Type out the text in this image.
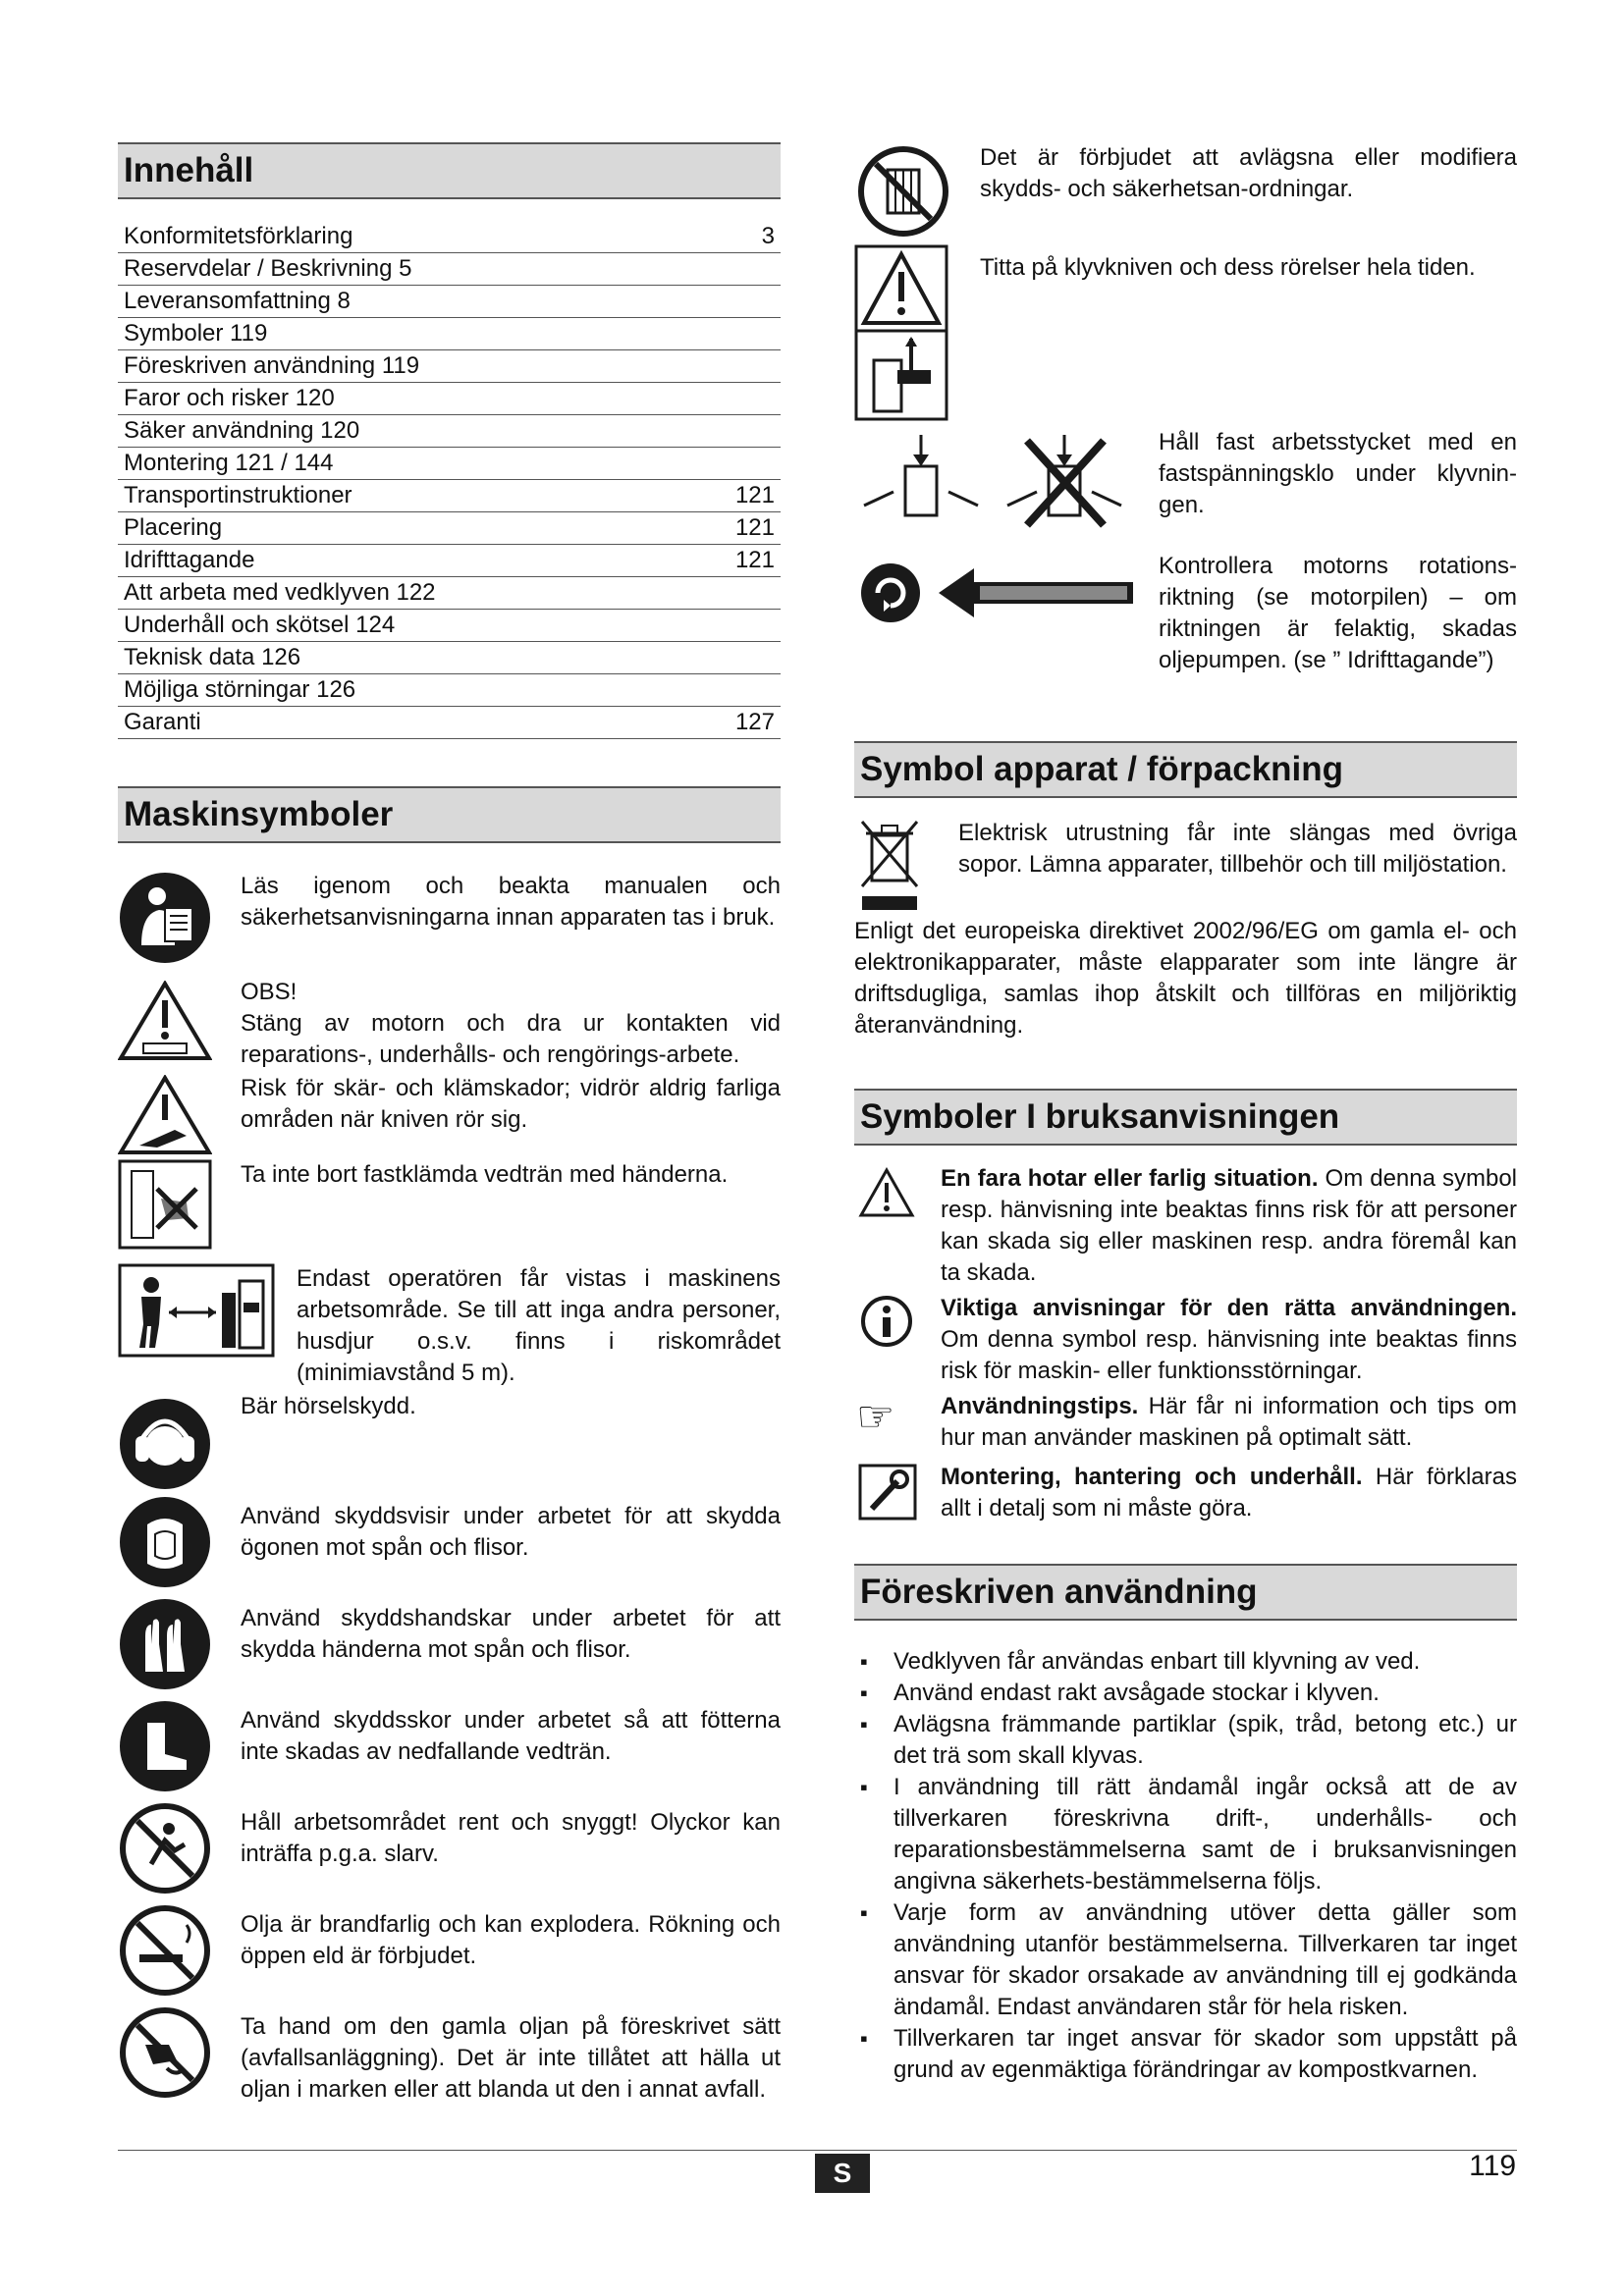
Innehåll
Konformitetsförklaring	3
Reservdelar / Beskrivning 5
Leveransomfattning 8
Symboler 119
Föreskriven användning 119
Faror och risker 120
Säker användning 120
Montering 121 / 144
Transportinstruktioner	121
Placering	121
Idrifttagande	121
Att arbeta med vedklyven 122
Underhåll och skötsel 124
Teknisk data 126
Möjliga störningar 126
Garanti	127
Maskinsymboler
Läs igenom och beakta manualen och säkerhetsanvisningarna innan apparaten tas i bruk.
OBS!
Stäng av motorn och dra ur kontakten vid reparations-, underhålls- och rengörings-arbete.
Risk för skär- och klämskador; vidrör aldrig farliga områden när kniven rör sig.
Ta inte bort fastklämda vedträn med händerna.
Endast operatören får vistas i maskinens arbetsområde. Se till att inga andra personer, husdjur o.s.v. finns i riskområdet (minimiavstånd 5 m).
Bär hörselskydd.
Använd skyddsvisir under arbetet för att skydda ögonen mot spån och flisor.
Använd skyddshandskar under arbetet för att skydda händerna mot spån och flisor.
Använd skyddsskor under arbetet så att fötterna inte skadas av nedfallande vedträn.
Håll arbetsområdet rent och snyggt! Olyckor kan inträffa p.g.a. slarv.
Olja är brandfarlig och kan explodera. Rökning och öppen eld är förbjudet.
Ta hand om den gamla oljan på föreskrivet sätt (avfallsanläggning). Det är inte tillåtet att hälla ut oljan i marken eller att blanda ut den i annat avfall.
Det är förbjudet att avlägsna eller modifiera skydds- och säkerhetsan-ordningar.
Titta på klyvkniven och dess rörelser hela tiden.
Håll fast arbetsstycket med en fastspänningsklo under klyvnin-gen.
Kontrollera motorns rotations-riktning (se motorpilen) – om riktningen är felaktig, skadas oljepumpen. (se ” Idrifttagande”)
Symbol apparat / förpackning
Elektrisk utrustning får inte slängas med övriga sopor. Lämna apparater, tillbehör och till miljöstation.
Enligt det europeiska direktivet 2002/96/EG om gamla el- och elektronikapparater, måste elapparater som inte längre är driftsdugliga, samlas ihop åtskilt och tillföras en miljöriktig återanvändning.
Symboler I bruksanvisningen
En fara hotar eller farlig situation. Om denna symbol resp. hänvisning inte beaktas finns risk för att personer kan skada sig eller maskinen resp. andra föremål kan ta skada.
Viktiga anvisningar för den rätta användningen. Om denna symbol resp. hänvisning inte beaktas finns risk för maskin- eller funktionsstörningar.
☞ Användningstips. Här får ni information och tips om hur man använder maskinen på optimalt sätt.
Montering, hantering och underhåll. Här förklaras allt i detalj som ni måste göra.
Föreskriven användning
▪ Vedklyven får användas enbart till klyvning av ved.
▪ Använd endast rakt avsågade stockar i klyven.
▪ Avlägsna främmande partiklar (spik, tråd, betong etc.) ur det trä som skall klyvas.
▪ I användning till rätt ändamål ingår också att de av tillverkaren föreskrivna drift-, underhålls- och reparationsbestämmelserna samt de i bruksanvisningen angivna säkerhets-bestämmelserna följs.
▪ Varje form av användning utöver detta gäller som användning utanför bestämmelserna. Tillverkaren tar inget ansvar för skador orsakade av användning till ej godkända ändamål. Endast användaren står för hela risken.
▪ Tillverkaren tar inget ansvar för skador som uppstått på grund av egenmäktiga förändringar av kompostkvarnen.
S	119
